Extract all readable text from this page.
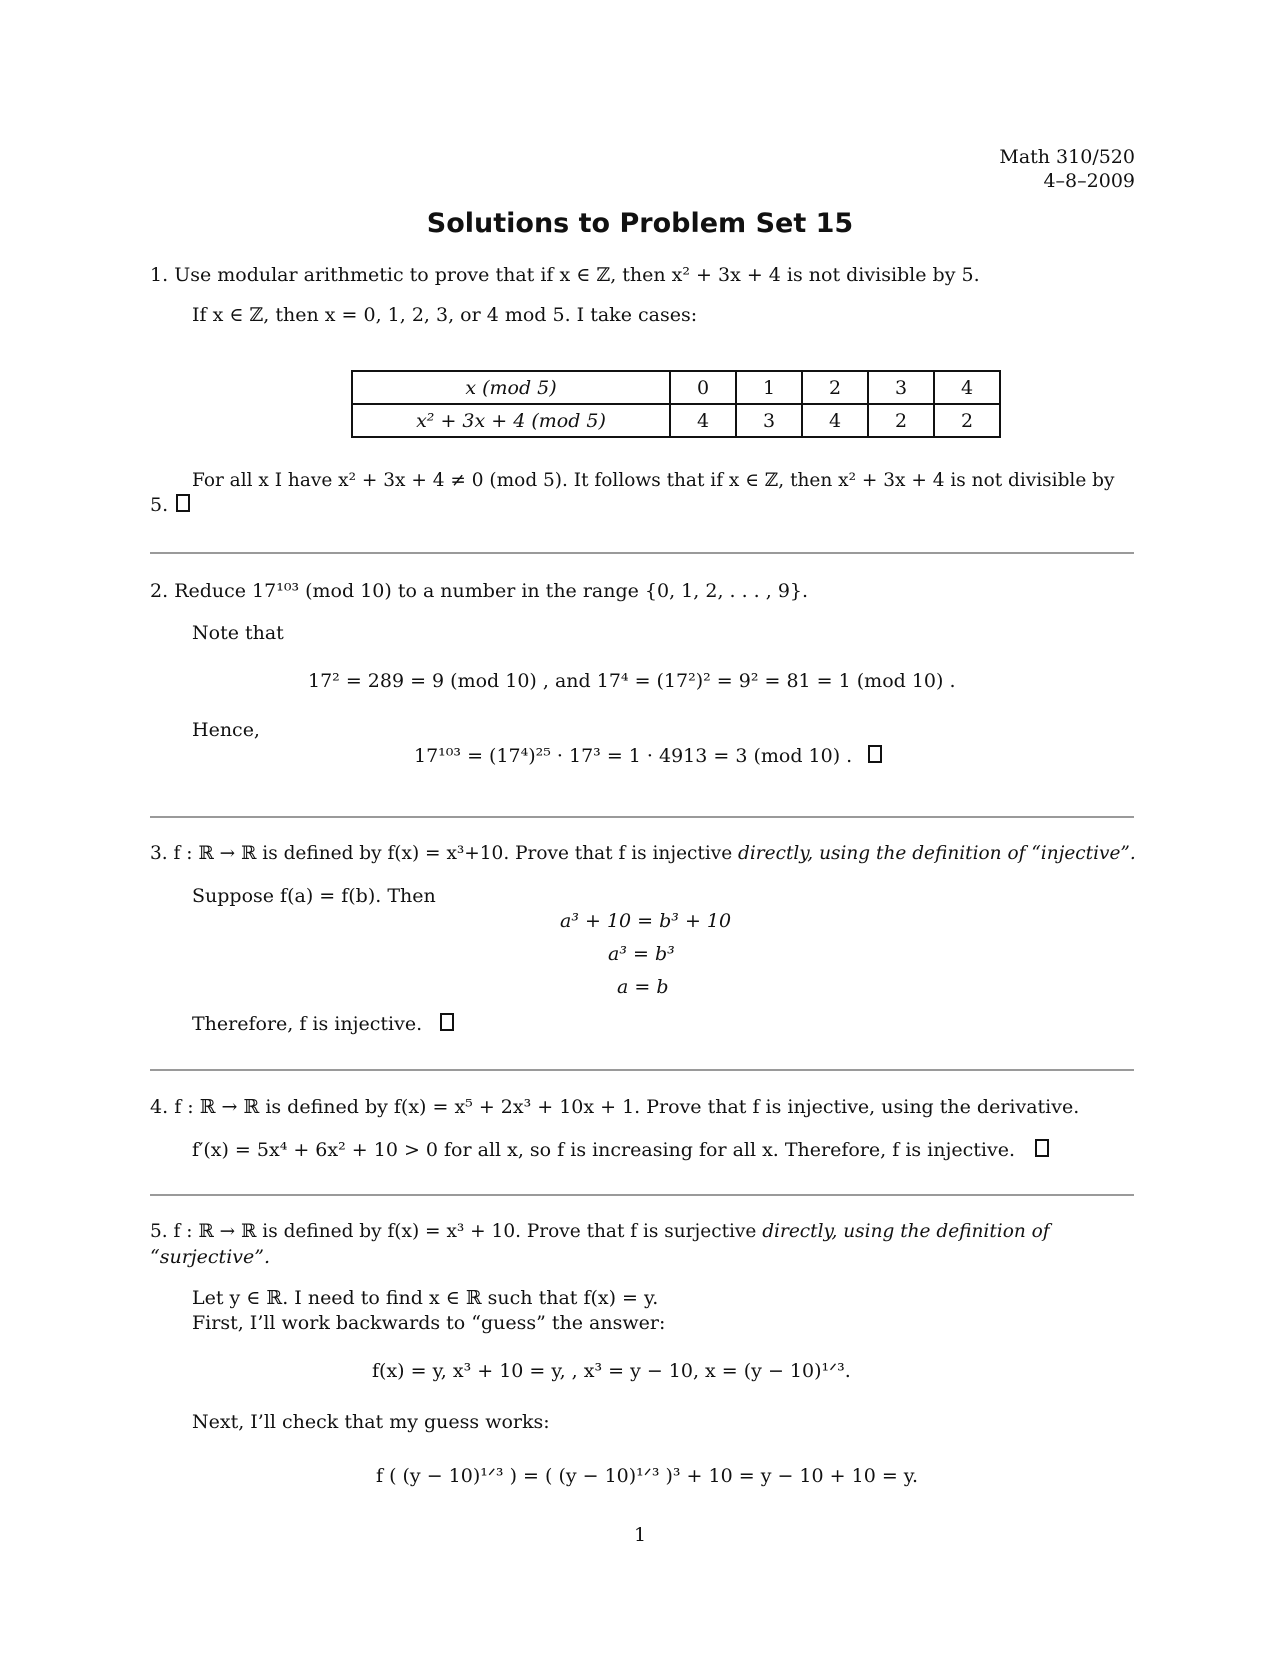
Math 310/520
4–8–2009
Solutions to Problem Set 15
1. Use modular arithmetic to prove that if x ∈ ℤ, then x² + 3x + 4 is not divisible by 5.
If x ∈ ℤ, then x = 0, 1, 2, 3, or 4 mod 5. I take cases:
x (mod 5)	0	1	2	3	4
x² + 3x + 4 (mod 5)	4	3	4	2	2
For all x I have x² + 3x + 4 ≠ 0 (mod 5). It follows that if x ∈ ℤ, then x² + 3x + 4 is not divisible by
5.
2. Reduce 17¹⁰³ (mod 10) to a number in the range {0, 1, 2, . . . , 9}.
Note that
17² = 289 = 9 (mod 10) , and 17⁴ = (17²)² = 9² = 81 = 1 (mod 10) .
Hence,
17¹⁰³ = (17⁴)²⁵ · 17³ = 1 · 4913 = 3 (mod 10) .
3. f : ℝ → ℝ is defined by f(x) = x³+10. Prove that f is injective directly, using the definition of “injective”.
Suppose f(a) = f(b). Then
a³ + 10 = b³ + 10
a³ = b³
a = b
Therefore, f is injective.
4. f : ℝ → ℝ is defined by f(x) = x⁵ + 2x³ + 10x + 1. Prove that f is injective, using the derivative.
f′(x) = 5x⁴ + 6x² + 10 > 0 for all x, so f is increasing for all x. Therefore, f is injective.
5. f : ℝ → ℝ is defined by f(x) = x³ + 10. Prove that f is surjective directly, using the definition of
“surjective”.
Let y ∈ ℝ. I need to find x ∈ ℝ such that f(x) = y.
First, I’ll work backwards to “guess” the answer:
f(x) = y, x³ + 10 = y, , x³ = y − 10, x = (y − 10)¹ᐟ³.
Next, I’ll check that my guess works:
f ( (y − 10)¹ᐟ³ ) = ( (y − 10)¹ᐟ³ )³ + 10 = y − 10 + 10 = y.
1
